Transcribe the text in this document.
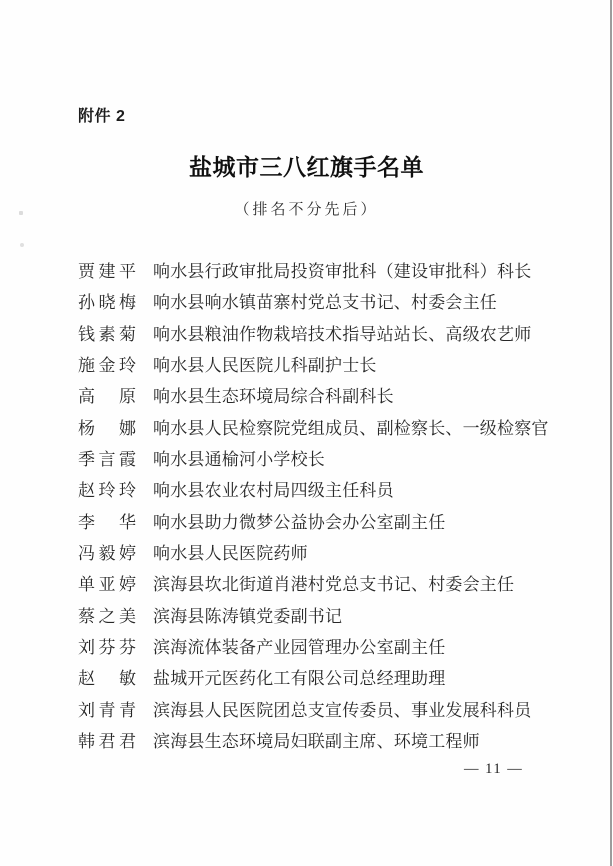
附件 2
盐城市三八红旗手名单
（排名不分先后）
贾建平 响水县行政审批局投资审批科（建设审批科）科长
孙晓梅 响水县响水镇苗寨村党总支书记、村委会主任
钱素菊 响水县粮油作物栽培技术指导站站长、高级农艺师
施金玲 响水县人民医院儿科副护士长
高　原 响水县生态环境局综合科副科长
杨　娜 响水县人民检察院党组成员、副检察长、一级检察官
季言霞 响水县通榆河小学校长
赵玲玲 响水县农业农村局四级主任科员
李　华 响水县助力微梦公益协会办公室副主任
冯毅婷 响水县人民医院药师
单亚婷 滨海县坎北街道肖港村党总支书记、村委会主任
蔡之美 滨海县陈涛镇党委副书记
刘芬芬 滨海流体装备产业园管理办公室副主任
赵　敏 盐城开元医药化工有限公司总经理助理
刘青青 滨海县人民医院团总支宣传委员、事业发展科科员
韩君君 滨海县生态环境局妇联副主席、环境工程师
— 11 —
